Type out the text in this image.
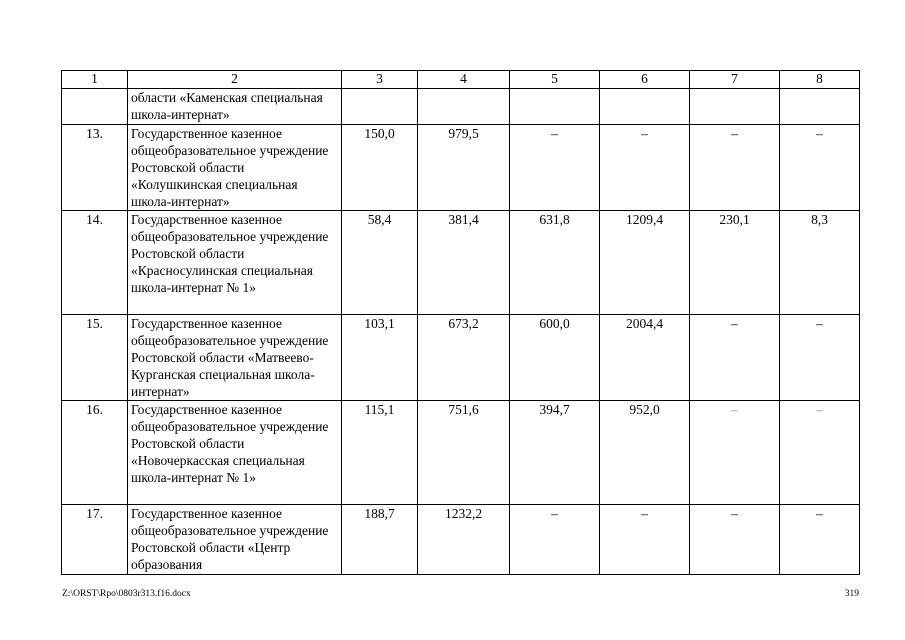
1	2	3	4	5	6	7	8
	области «Каменская специальная школа-интернат»						
13.	Государственное казенное общеобразовательное учреждение Ростовской области «Колушкинская специальная школа-интернат»	150,0	979,5	–	–	–	–
14.	Государственное казенное общеобразовательное учреждение Ростовской области «Красносулинская специальная школа-интернат № 1»	58,4	381,4	631,8	1209,4	230,1	8,3
15.	Государственное казенное общеобразовательное учреждение Ростовской области «Матвеево-Курганская специальная школа-интернат»	103,1	673,2	600,0	2004,4	–	–
16.	Государственное казенное общеобразовательное учреждение Ростовской области «Новочеркасская специальная школа-интернат № 1»	115,1	751,6	394,7	952,0	–	–
17.	Государственное казенное общеобразовательное учреждение Ростовской области «Центр образования	188,7	1232,2	–	–	–	–
Z:\ORST\Rpo\0803r313.f16.docx	319
